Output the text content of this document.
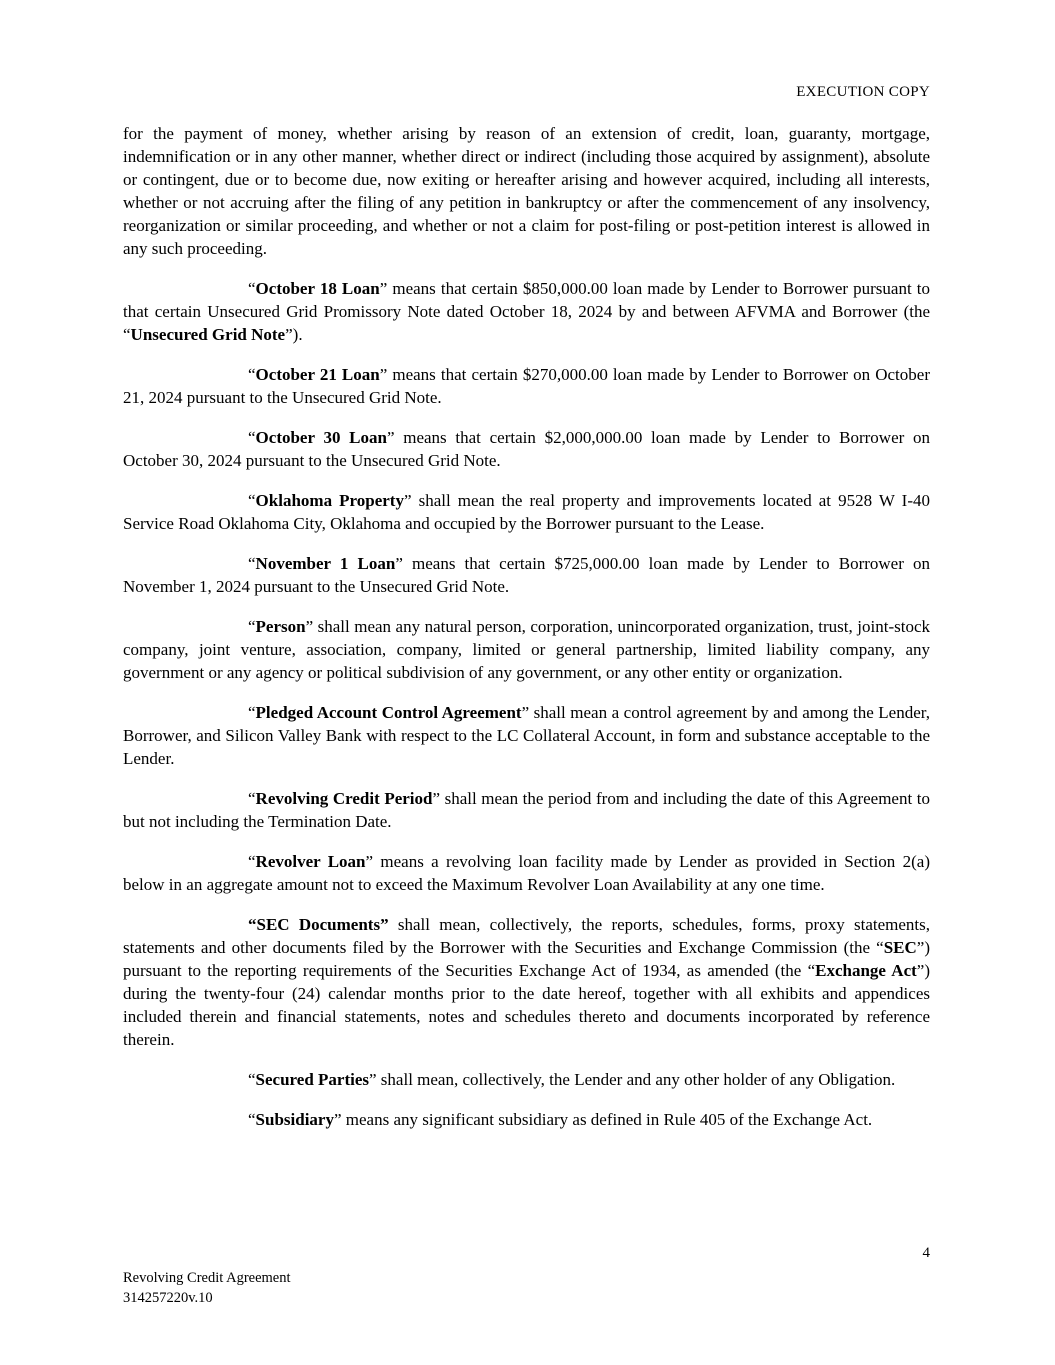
EXECUTION COPY

for the payment of money, whether arising by reason of an extension of credit, loan, guaranty, mortgage, indemnification or in any other manner, whether direct or indirect (including those acquired by assignment), absolute or contingent, due or to become due, now exiting or hereafter arising and however acquired, including all interests, whether or not accruing after the filing of any petition in bankruptcy or after the commencement of any insolvency, reorganization or similar proceeding, and whether or not a claim for post-filing or post-petition interest is allowed in any such proceeding.

“October 18 Loan” means that certain $850,000.00 loan made by Lender to Borrower pursuant to that certain Unsecured Grid Promissory Note dated October 18, 2024 by and between AFVMA and Borrower (the “Unsecured Grid Note”).

“October 21 Loan” means that certain $270,000.00 loan made by Lender to Borrower on October 21, 2024 pursuant to the Unsecured Grid Note.

“October 30 Loan” means that certain $2,000,000.00 loan made by Lender to Borrower on October 30, 2024 pursuant to the Unsecured Grid Note.

“Oklahoma Property” shall mean the real property and improvements located at 9528 W I-40 Service Road Oklahoma City, Oklahoma and occupied by the Borrower pursuant to the Lease.

“November 1 Loan” means that certain $725,000.00 loan made by Lender to Borrower on November 1, 2024 pursuant to the Unsecured Grid Note.

“Person” shall mean any natural person, corporation, unincorporated organization, trust, joint-stock company, joint venture, association, company, limited or general partnership, limited liability company, any government or any agency or political subdivision of any government, or any other entity or organization.

“Pledged Account Control Agreement” shall mean a control agreement by and among the Lender, Borrower, and Silicon Valley Bank with respect to the LC Collateral Account, in form and substance acceptable to the Lender.

“Revolving Credit Period” shall mean the period from and including the date of this Agreement to but not including the Termination Date.

“Revolver Loan” means a revolving loan facility made by Lender as provided in Section 2(a) below in an aggregate amount not to exceed the Maximum Revolver Loan Availability at any one time.

“SEC Documents” shall mean, collectively, the reports, schedules, forms, proxy statements, statements and other documents filed by the Borrower with the Securities and Exchange Commission (the “SEC”) pursuant to the reporting requirements of the Securities Exchange Act of 1934, as amended (the “Exchange Act”) during the twenty-four (24) calendar months prior to the date hereof, together with all exhibits and appendices included therein and financial statements, notes and schedules thereto and documents incorporated by reference therein.

“Secured Parties” shall mean, collectively, the Lender and any other holder of any Obligation.

“Subsidiary” means any significant subsidiary as defined in Rule 405 of the Exchange Act.

4
Revolving Credit Agreement
314257220v.10
